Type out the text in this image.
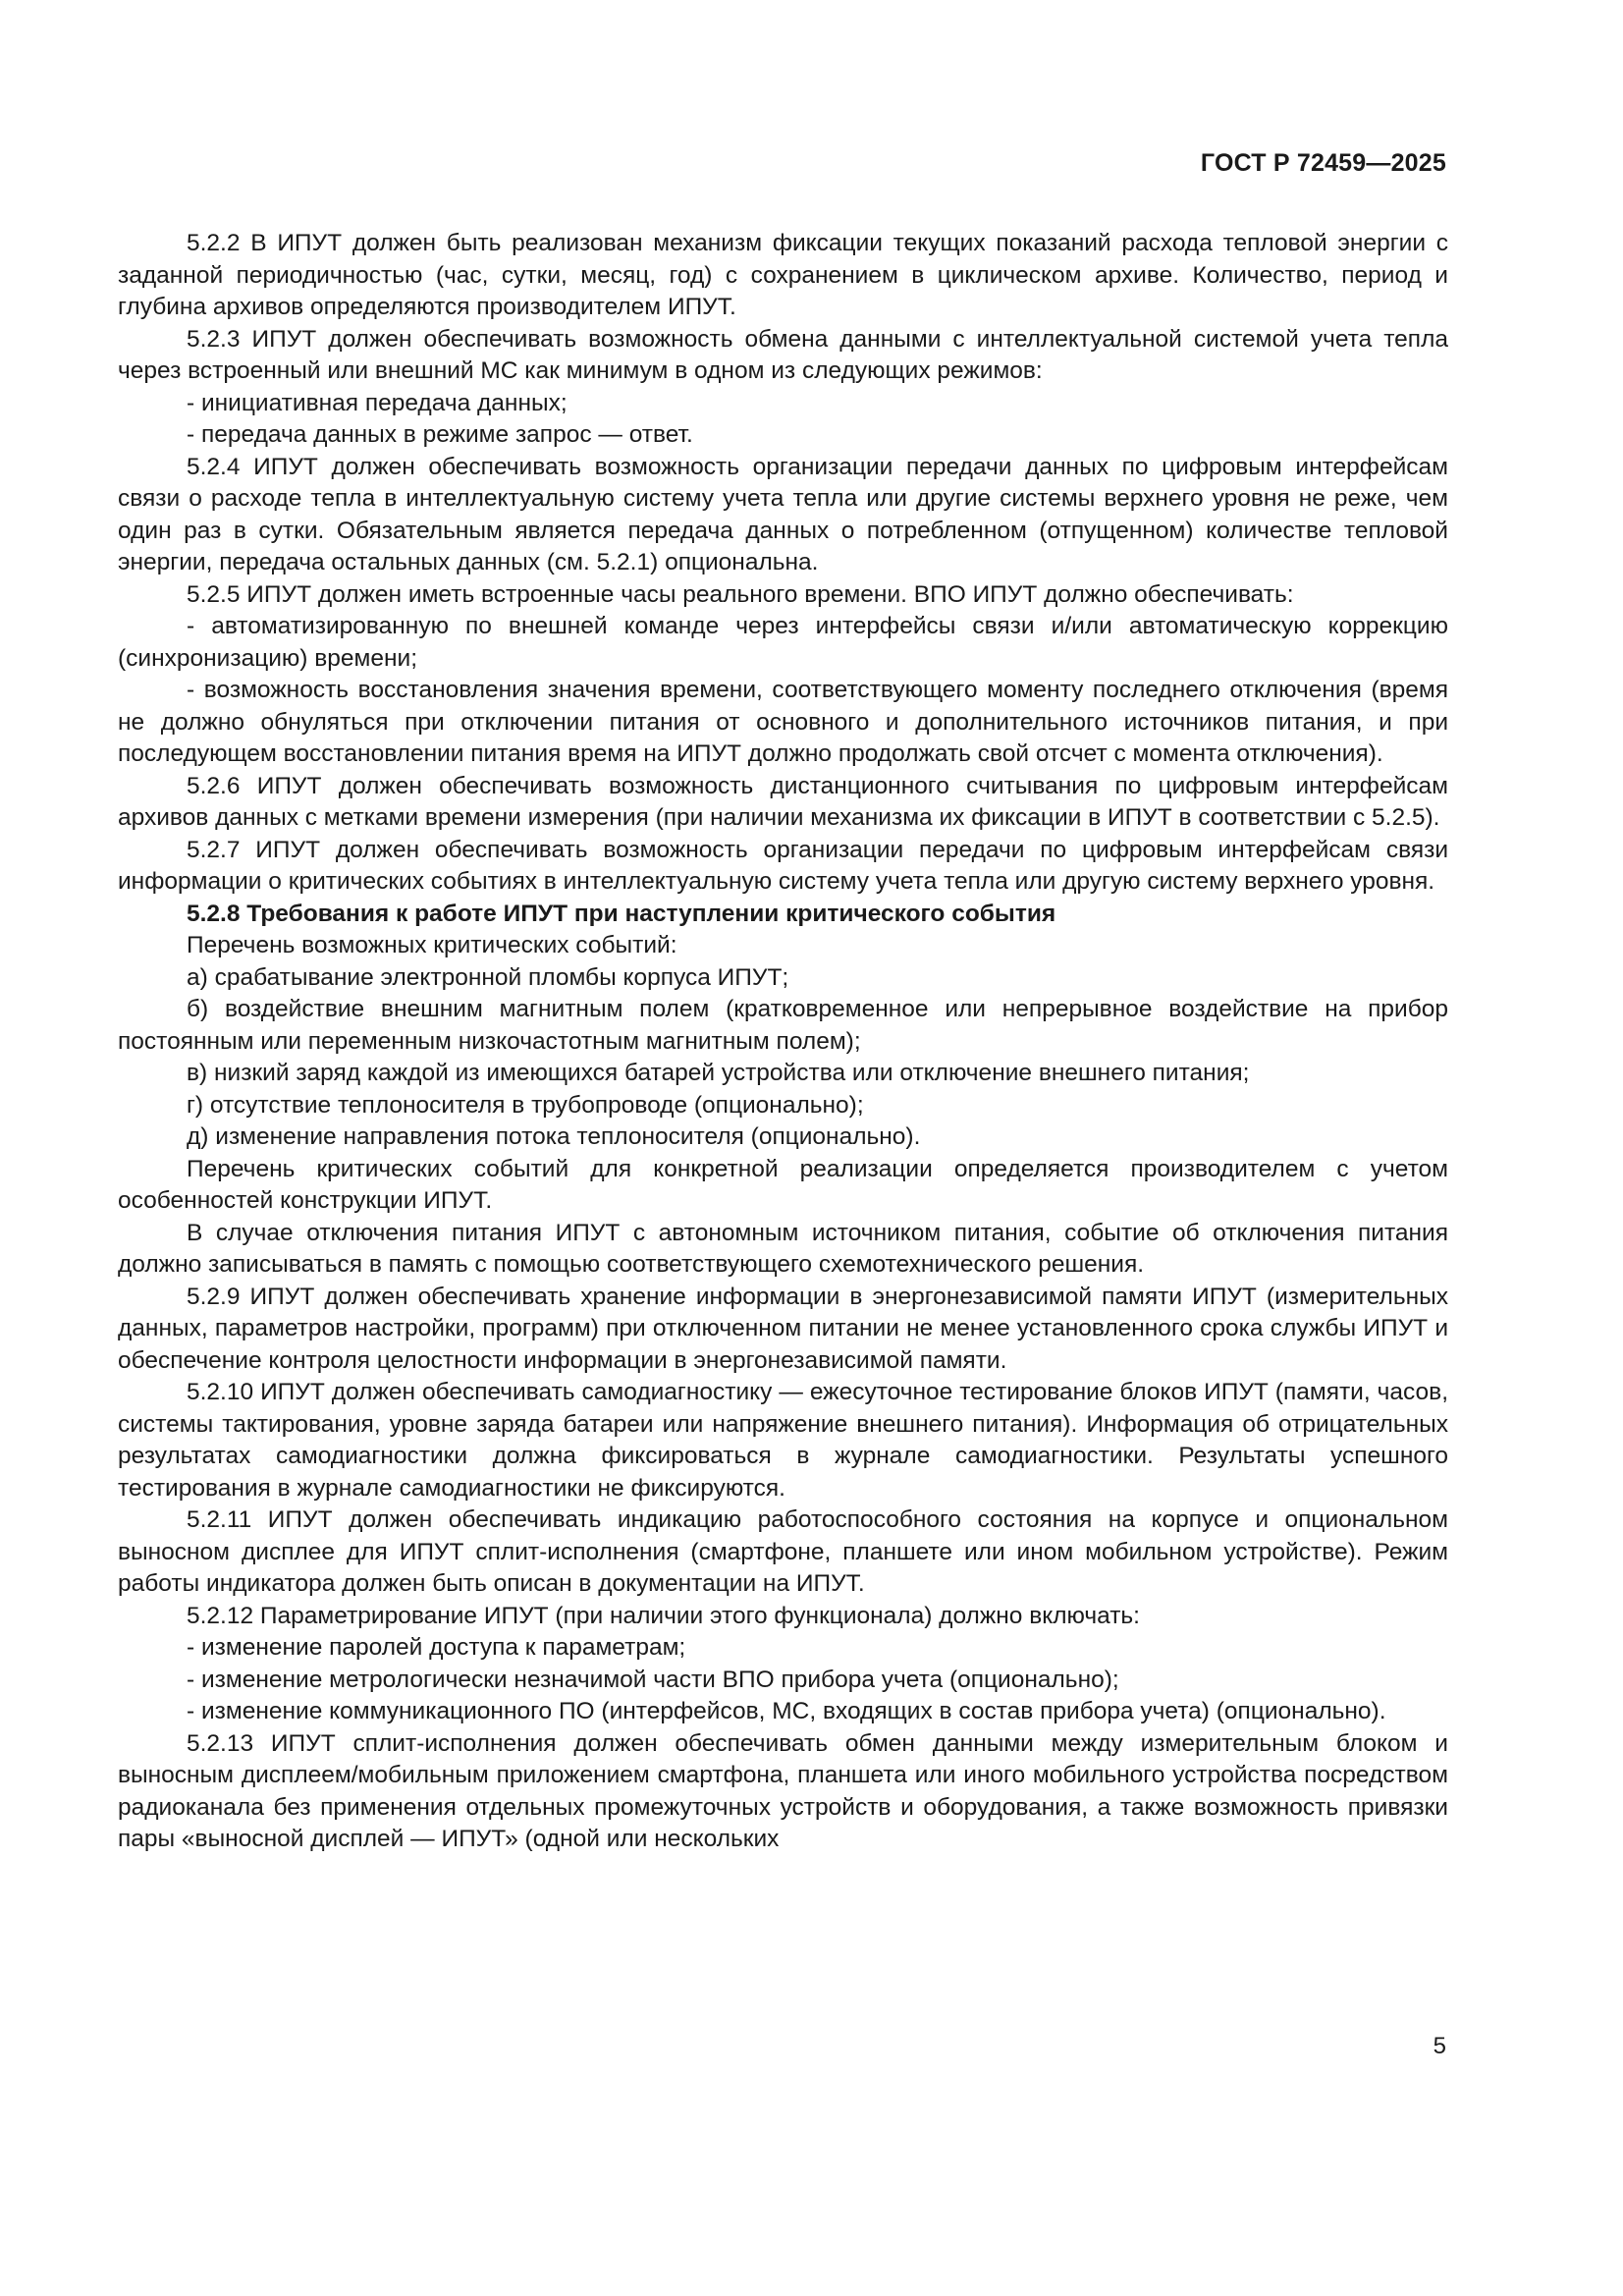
ГОСТ Р 72459—2025

5.2.2 В ИПУТ должен быть реализован механизм фиксации текущих показаний расхода тепловой энергии с заданной периодичностью (час, сутки, месяц, год) с сохранением в циклическом архиве. Количество, период и глубина архивов определяются производителем ИПУТ.

5.2.3 ИПУТ должен обеспечивать возможность обмена данными с интеллектуальной системой учета тепла через встроенный или внешний МС как минимум в одном из следующих режимов:

- инициативная передача данных;

- передача данных в режиме запрос — ответ.

5.2.4 ИПУТ должен обеспечивать возможность организации передачи данных по цифровым интерфейсам связи о расходе тепла в интеллектуальную систему учета тепла или другие системы верхнего уровня не реже, чем один раз в сутки. Обязательным является передача данных о потребленном (отпущенном) количестве тепловой энергии, передача остальных данных (см. 5.2.1) опциональна.

5.2.5 ИПУТ должен иметь встроенные часы реального времени. ВПО ИПУТ должно обеспечивать:

- автоматизированную по внешней команде через интерфейсы связи и/или автоматическую коррекцию (синхронизацию) времени;

- возможность восстановления значения времени, соответствующего моменту последнего отключения (время не должно обнуляться при отключении питания от основного и дополнительного источников питания, и при последующем восстановлении питания время на ИПУТ должно продолжать свой отсчет с момента отключения).

5.2.6 ИПУТ должен обеспечивать возможность дистанционного считывания по цифровым интерфейсам архивов данных с метками времени измерения (при наличии механизма их фиксации в ИПУТ в соответствии с 5.2.5).

5.2.7 ИПУТ должен обеспечивать возможность организации передачи по цифровым интерфейсам связи информации о критических событиях в интеллектуальную систему учета тепла или другую систему верхнего уровня.

5.2.8 Требования к работе ИПУТ при наступлении критического события

Перечень возможных критических событий:

а) срабатывание электронной пломбы корпуса ИПУТ;

б) воздействие внешним магнитным полем (кратковременное или непрерывное воздействие на прибор постоянным или переменным низкочастотным магнитным полем);

в) низкий заряд каждой из имеющихся батарей устройства или отключение внешнего питания;

г) отсутствие теплоносителя в трубопроводе (опционально);

д) изменение направления потока теплоносителя (опционально).

Перечень критических событий для конкретной реализации определяется производителем с учетом особенностей конструкции ИПУТ.

В случае отключения питания ИПУТ с автономным источником питания, событие об отключения питания должно записываться в память с помощью соответствующего схемотехнического решения.

5.2.9 ИПУТ должен обеспечивать хранение информации в энергонезависимой памяти ИПУТ (измерительных данных, параметров настройки, программ) при отключенном питании не менее установленного срока службы ИПУТ и обеспечение контроля целостности информации в энергонезависимой памяти.

5.2.10 ИПУТ должен обеспечивать самодиагностику — ежесуточное тестирование блоков ИПУТ (памяти, часов, системы тактирования, уровне заряда батареи или напряжение внешнего питания). Информация об отрицательных результатах самодиагностики должна фиксироваться в журнале самодиагностики. Результаты успешного тестирования в журнале самодиагностики не фиксируются.

5.2.11 ИПУТ должен обеспечивать индикацию работоспособного состояния на корпусе и опциональном выносном дисплее для ИПУТ сплит-исполнения (смартфоне, планшете или ином мобильном устройстве). Режим работы индикатора должен быть описан в документации на ИПУТ.

5.2.12 Параметрирование ИПУТ (при наличии этого функционала) должно включать:

- изменение паролей доступа к параметрам;

- изменение метрологически незначимой части ВПО прибора учета (опционально);

- изменение коммуникационного ПО (интерфейсов, МС, входящих в состав прибора учета) (опционально).

5.2.13 ИПУТ сплит-исполнения должен обеспечивать обмен данными между измерительным блоком и выносным дисплеем/мобильным приложением смартфона, планшета или иного мобильного устройства посредством радиоканала без применения отдельных промежуточных устройств и оборудования, а также возможность привязки пары «выносной дисплей — ИПУТ» (одной или нескольких

5
